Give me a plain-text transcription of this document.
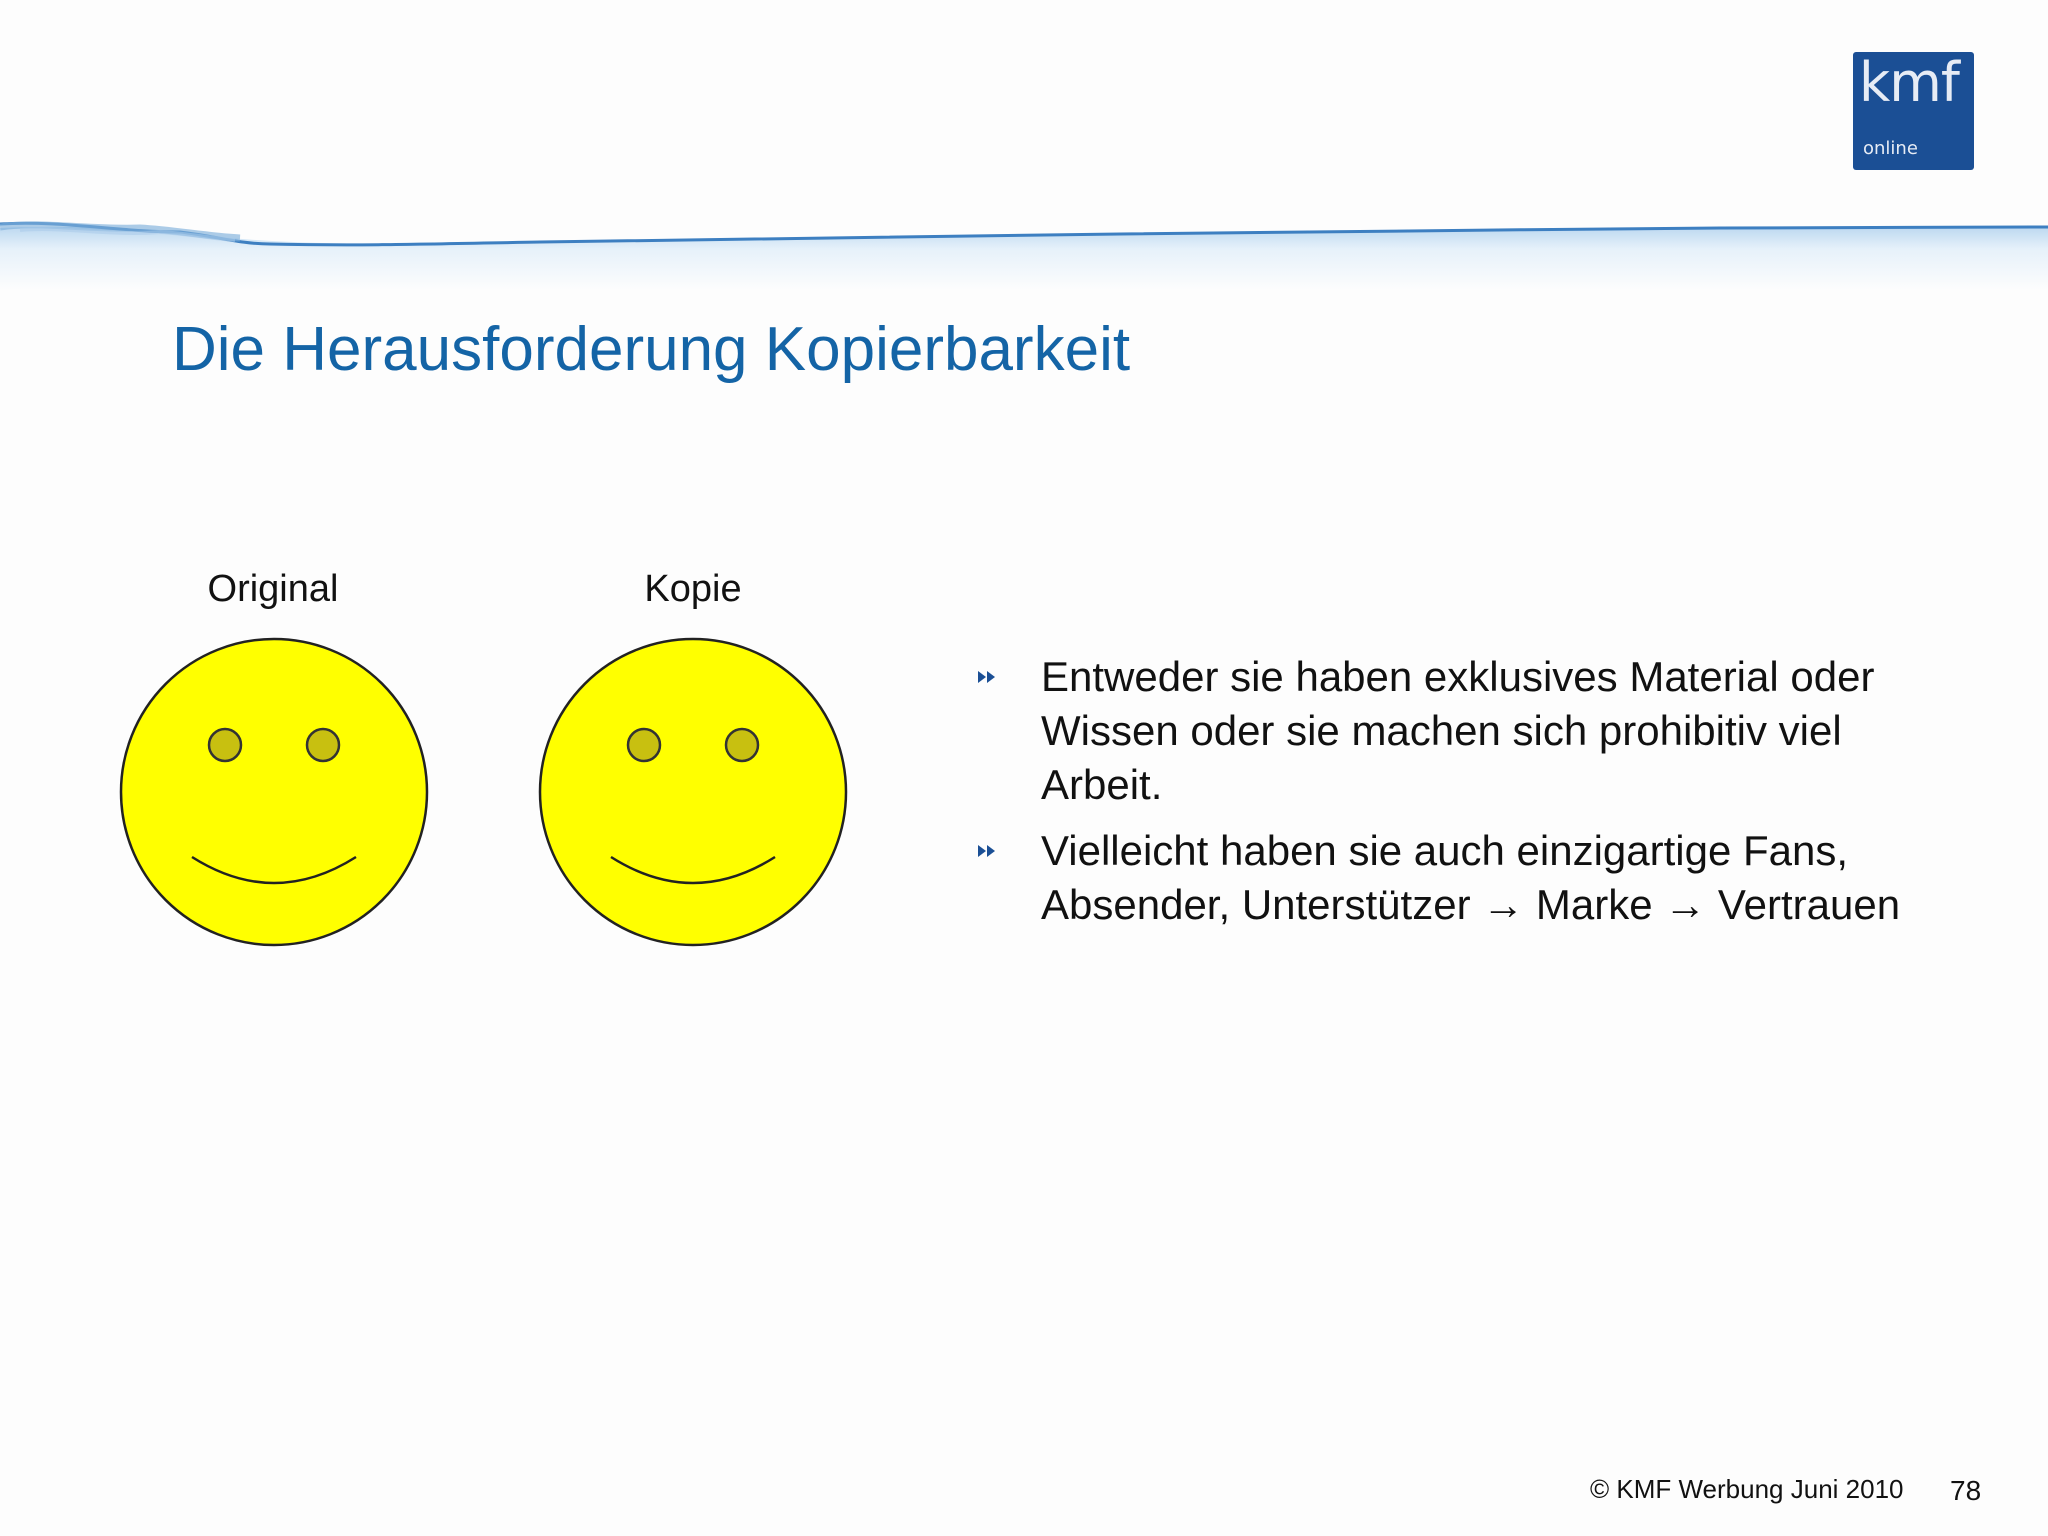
kmf
online
Die Herausforderung Kopierbarkeit
Original	Kopie
Entweder sie haben exklusives Material oder
Wissen oder sie machen sich prohibitiv viel
Arbeit.
Vielleicht haben sie auch einzigartige Fans,
Absender, Unterstützer → Marke → Vertrauen
© KMF Werbung Juni 2010 78
